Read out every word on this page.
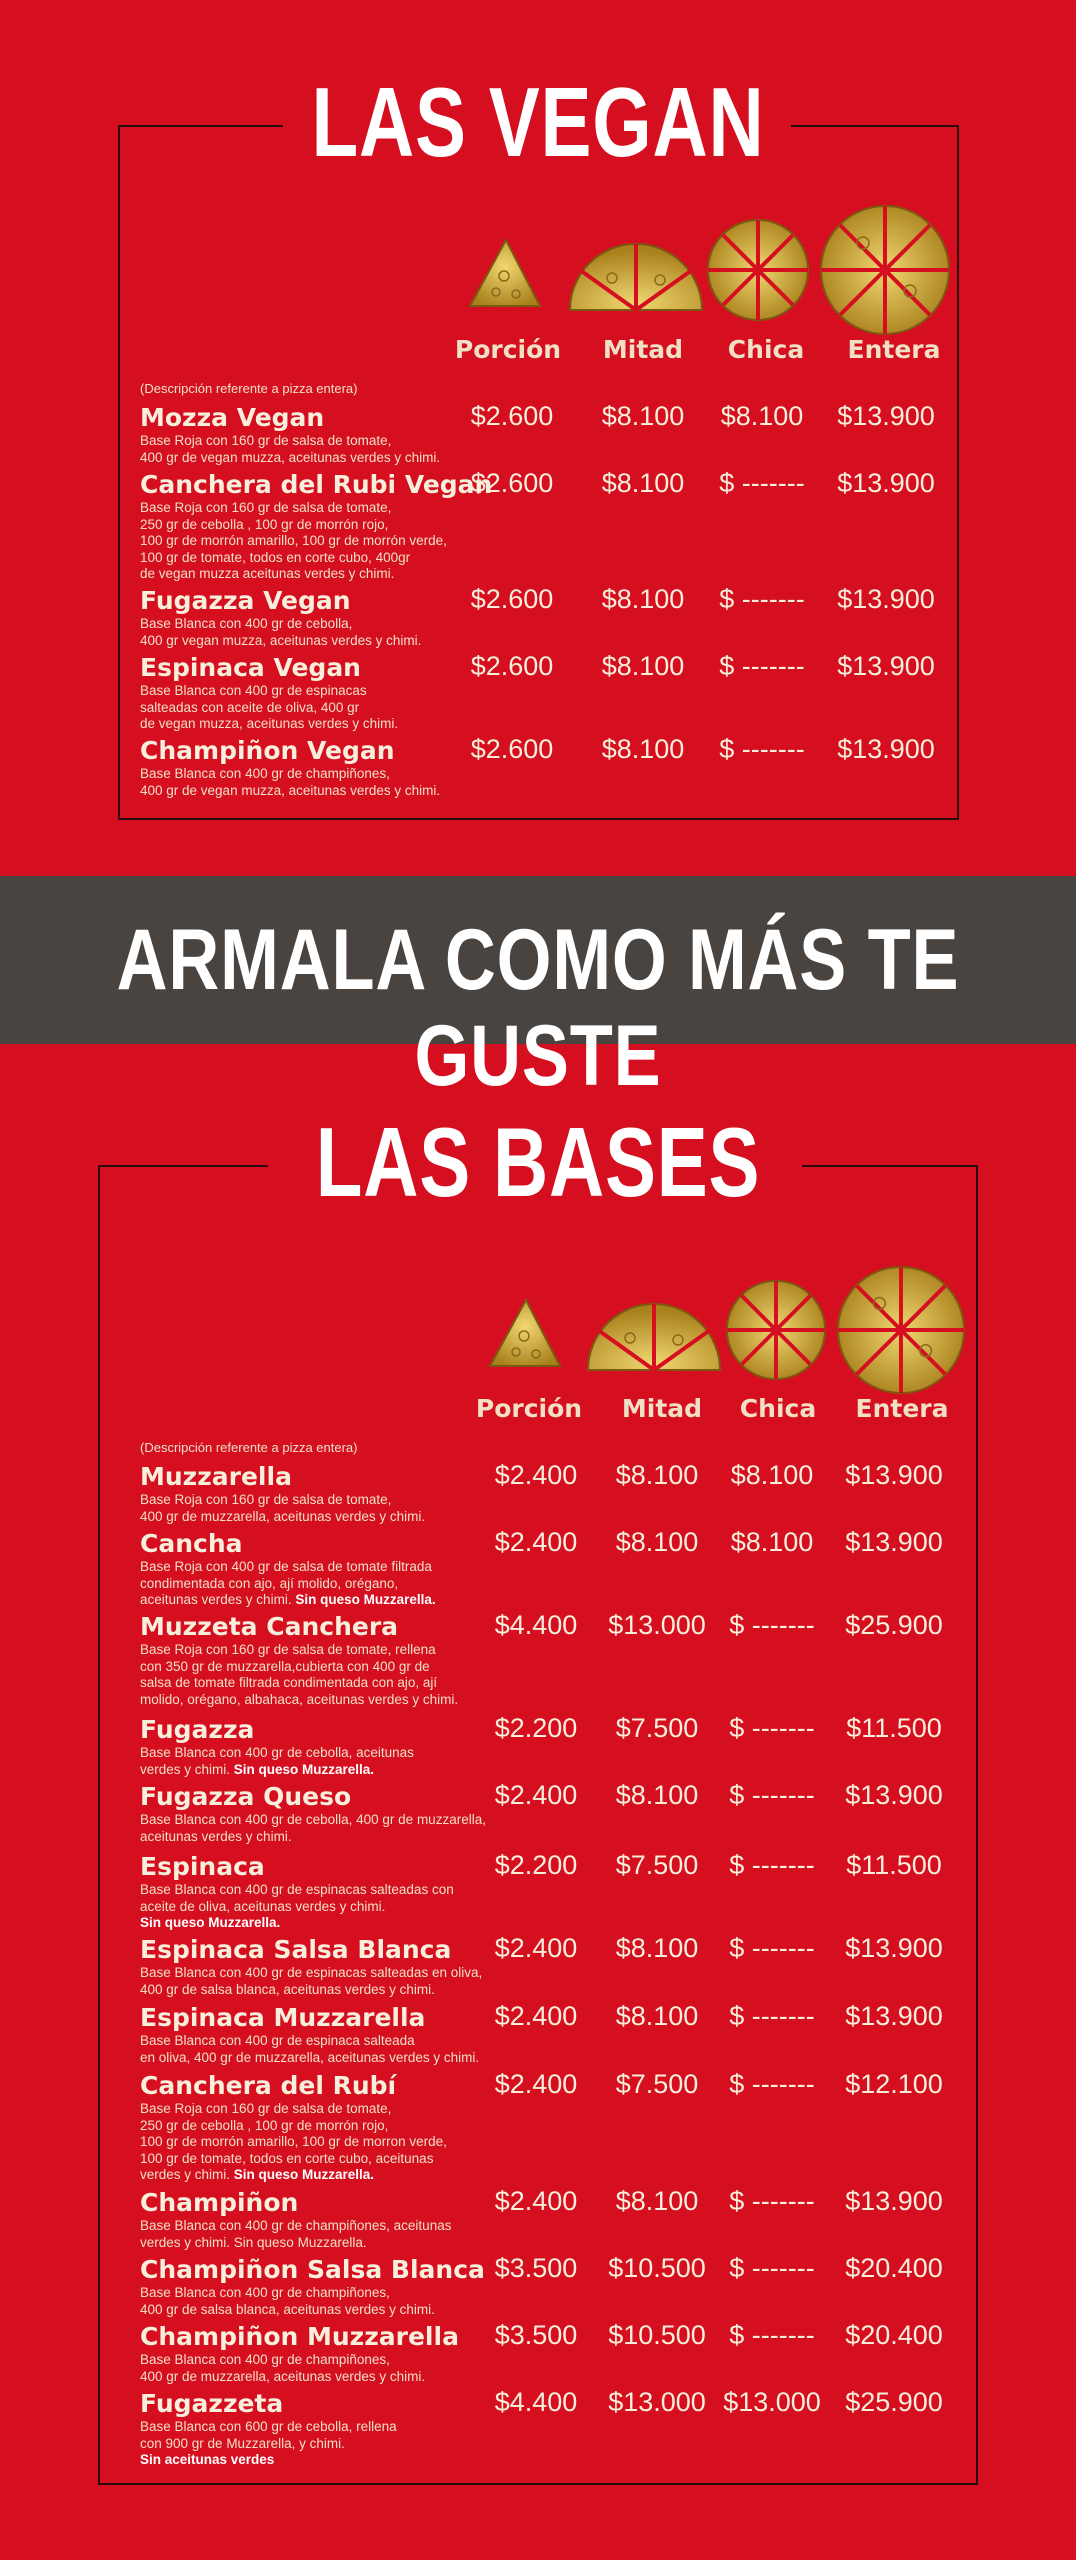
LAS VEGAN
Porción	Mitad	Chica	Entera
(Descripción referente a pizza entera)
Mozza Vegan
Base Roja con 160 gr de salsa de tomate,
400 gr de vegan muzza, aceitunas verdes y chimi.
$2.600	$8.100	$8.100	$13.900
Canchera del Rubi Vegan
Base Roja con 160 gr de salsa de tomate,
250 gr de cebolla , 100 gr de morrón rojo,
100 gr de morrón amarillo, 100 gr de morrón verde,
100 gr de tomate, todos en corte cubo, 400gr
de vegan muzza aceitunas verdes y chimi.
$2.600	$8.100	$ -------	$13.900
Fugazza Vegan
Base Blanca con 400 gr de cebolla,
400 gr vegan muzza, aceitunas verdes y chimi.
$2.600	$8.100	$ -------	$13.900
Espinaca Vegan
Base Blanca con 400 gr de espinacas
salteadas con aceite de oliva, 400 gr
de vegan muzza, aceitunas verdes y chimi.
$2.600	$8.100	$ -------	$13.900
Champiñon Vegan
Base Blanca con 400 gr de champiñones,
400 gr de vegan muzza, aceitunas verdes y chimi.
$2.600	$8.100	$ -------	$13.900
ARMALA COMO MÁS TE GUSTE
LAS BASES
Porción	Mitad	Chica	Entera
(Descripción referente a pizza entera)
Muzzarella
Base Roja con 160 gr de salsa de tomate,
400 gr de muzzarella, aceitunas verdes y chimi.
$2.400	$8.100	$8.100	$13.900
Cancha
Base Roja con 400 gr de salsa de tomate filtrada
condimentada con ajo, ají molido, orégano,
aceitunas verdes y chimi. Sin queso Muzzarella.
$2.400	$8.100	$8.100	$13.900
Muzzeta Canchera
Base Roja con 160 gr de salsa de tomate, rellena
con 350 gr de muzzarella,cubierta con 400 gr de
salsa de tomate filtrada condimentada con ajo, ají
molido, orégano, albahaca, aceitunas verdes y chimi.
$4.400	$13.000 $ -------	$25.900
Fugazza
Base Blanca con 400 gr de cebolla, aceitunas
verdes y chimi. Sin queso Muzzarella.
$2.200	$7.500	$ -------	$11.500
Fugazza Queso
Base Blanca con 400 gr de cebolla, 400 gr de muzzarella,
aceitunas verdes y chimi.
$2.400	$8.100	$ -------	$13.900
Espinaca
Base Blanca con 400 gr de espinacas salteadas con
aceite de oliva, aceitunas verdes y chimi.
Sin queso Muzzarella.
$2.200	$7.500	$ -------	$11.500
Espinaca Salsa Blanca
Base Blanca con 400 gr de espinacas salteadas en oliva,
400 gr de salsa blanca, aceitunas verdes y chimi.
$2.400	$8.100	$ -------	$13.900
Espinaca Muzzarella
Base Blanca con 400 gr de espinaca salteada
en oliva, 400 gr de muzzarella, aceitunas verdes y chimi.
$2.400	$8.100	$ -------	$13.900
Canchera del Rubí
Base Roja con 160 gr de salsa de tomate,
250 gr de cebolla , 100 gr de morrón rojo,
100 gr de morrón amarillo, 100 gr de morron verde,
100 gr de tomate, todos en corte cubo, aceitunas
verdes y chimi. Sin queso Muzzarella.
$2.400	$7.500	$ -------	$12.100
Champiñon
Base Blanca con 400 gr de champiñones, aceitunas
verdes y chimi. Sin queso Muzzarella.
$2.400	$8.100	$ -------	$13.900
Champiñon Salsa Blanca
Base Blanca con 400 gr de champiñones,
400 gr de salsa blanca, aceitunas verdes y chimi.
$3.500	$10.500 $ -------	$20.400
Champiñon Muzzarella
Base Blanca con 400 gr de champiñones,
400 gr de muzzarella, aceitunas verdes y chimi.
$3.500	$10.500 $ -------	$20.400
Fugazzeta
Base Blanca con 600 gr de cebolla, rellena
con 900 gr de Muzzarella, y chimi.
Sin aceitunas verdes
$4.400	$13.000 $13.000 $25.900
